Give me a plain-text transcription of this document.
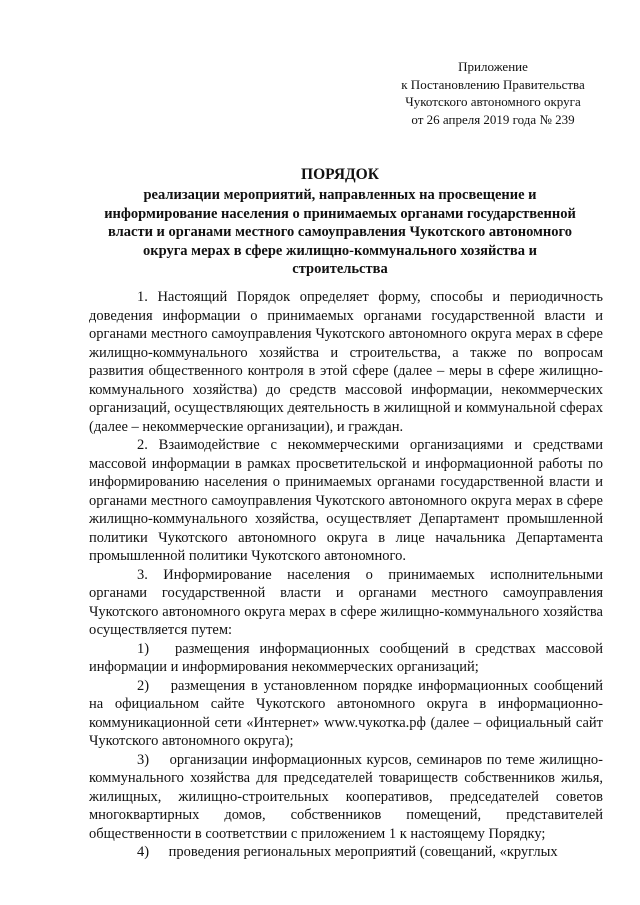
Приложение
к Постановлению Правительства
Чукотского автономного округа
от 26 апреля 2019 года № 239
ПОРЯДОК
реализации мероприятий, направленных на просвещение и
информирование населения о принимаемых органами государственной
власти и органами местного самоуправления Чукотского автономного
округа мерах в сфере жилищно-коммунального хозяйства и
строительства

1. Настоящий Порядок определяет форму, способы и периодичность доведения информации о принимаемых органами государственной власти и органами местного самоуправления Чукотского автономного округа мерах в сфере жилищно-коммунального хозяйства и строительства, а также по вопросам развития общественного контроля в этой сфере (далее – меры в сфере жилищно-коммунального хозяйства) до средств массовой информации, некоммерческих организаций, осуществляющих деятельность в жилищной и коммунальной сферах (далее – некоммерческие организации), и граждан.

2. Взаимодействие с некоммерческими организациями и средствами массовой информации в рамках просветительской и информационной работы по информированию населения о принимаемых органами государственной власти и органами местного самоуправления Чукотского автономного округа мерах в сфере жилищно-коммунального хозяйства, осуществляет Департамент промышленной политики Чукотского автономного округа в лице начальника Департамента промышленной политики Чукотского автономного.

3. Информирование населения о принимаемых исполнительными органами государственной власти и органами местного самоуправления Чукотского автономного округа мерах в сфере жилищно-коммунального хозяйства осуществляется путем:

1) размещения информационных сообщений в средствах массовой информации и информирования некоммерческих организаций;

2) размещения в установленном порядке информационных сообщений на официальном сайте Чукотского автономного округа в информационно-коммуникационной сети «Интернет» www.чукотка.рф (далее – официальный сайт Чукотского автономного округа);

3) организации информационных курсов, семинаров по теме жилищно-коммунального хозяйства для председателей товариществ собственников жилья, жилищных, жилищно-строительных кооперативов, председателей советов многоквартирных домов, собственников помещений, представителей общественности в соответствии с приложением 1 к настоящему Порядку;

4) проведения региональных мероприятий (совещаний, «круглых
